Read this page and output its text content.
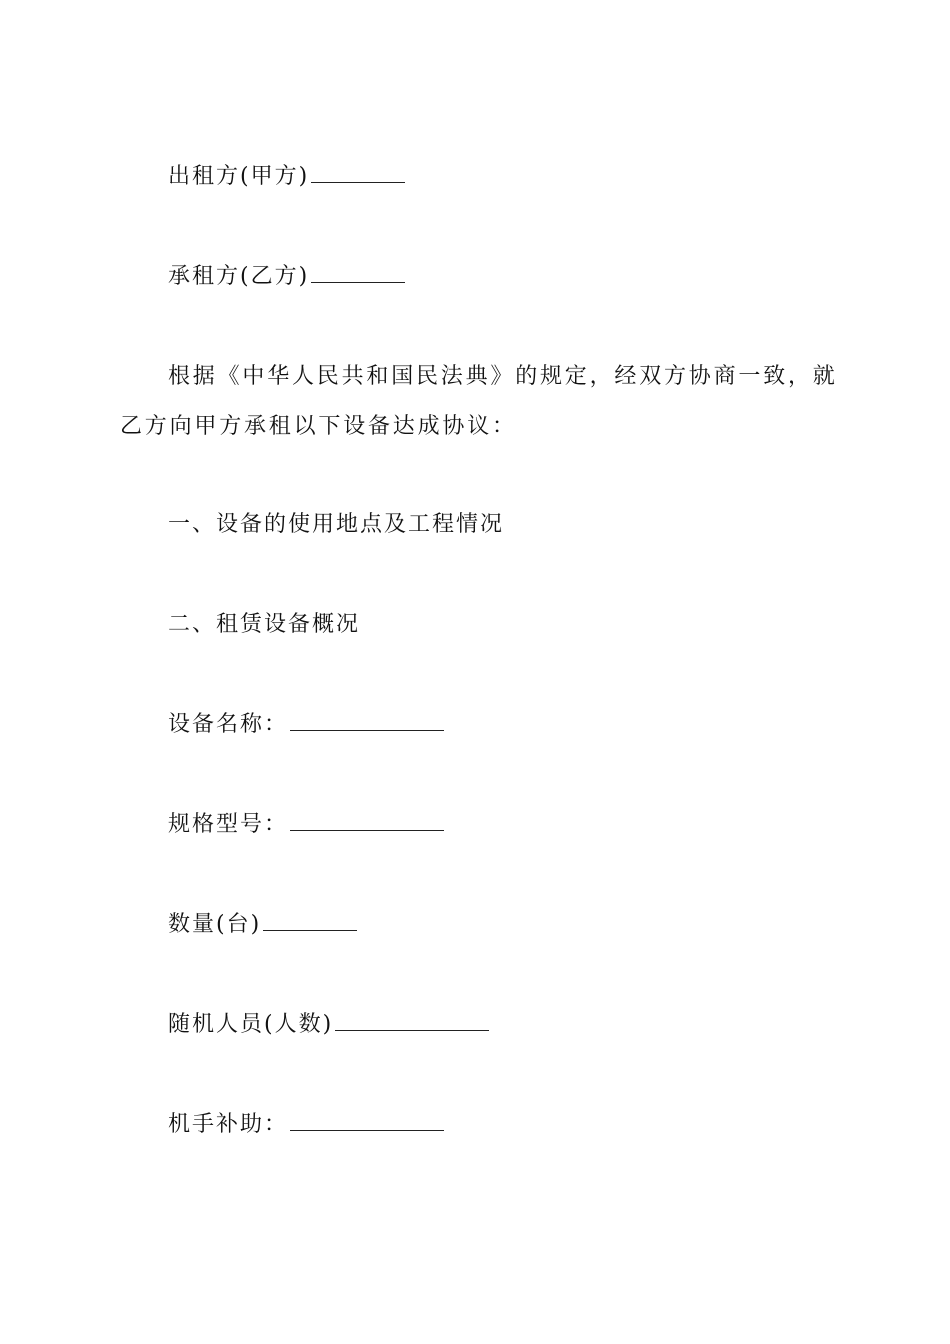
出租方(甲方)
承租方(乙方)
根据《中华人民共和国民法典》的规定，经双方协商一致，就
乙方向甲方承租以下设备达成协议：
一、设备的使用地点及工程情况
二、租赁设备概况
设备名称：
规格型号：
数量(台)
随机人员(人数)
机手补助：
